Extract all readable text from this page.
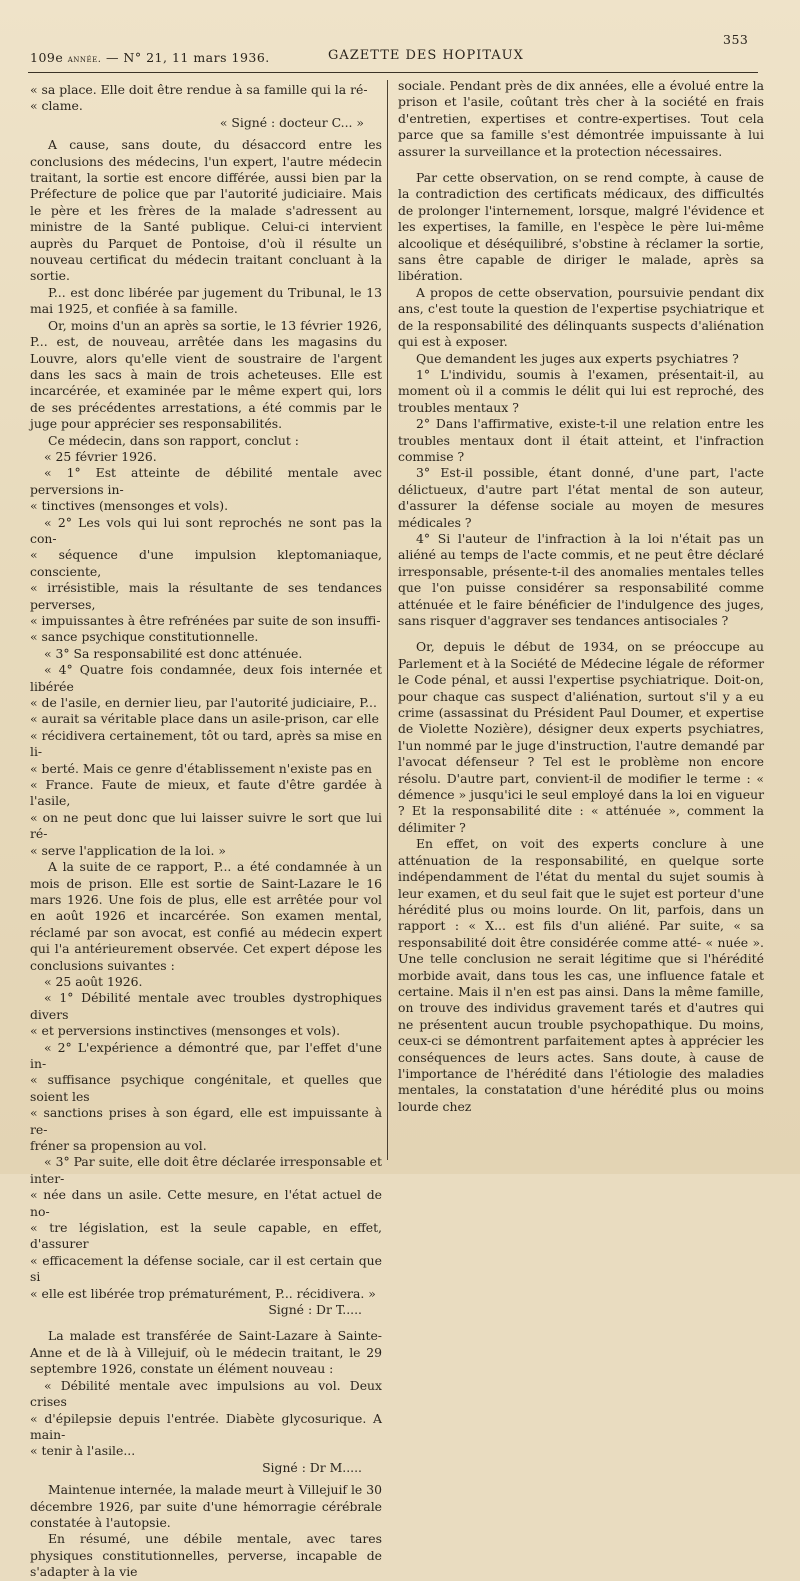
109e année. — N° 21, 11 mars 1936.	GAZETTE DES HOPITAUX
353

« sa place. Elle doit être rendue à sa famille qui la ré-

« clame.

« Signé : docteur C... »

A cause, sans doute, du désaccord entre les conclusions des médecins, l'un expert, l'autre médecin traitant, la sortie est encore différée, aussi bien par la Préfecture de police que par l'autorité judiciaire. Mais le père et les frères de la malade s'adressent au ministre de la Santé publique. Celui-ci intervient auprès du Parquet de Pontoise, d'où il résulte un nouveau certificat du médecin traitant concluant à la sortie.

P... est donc libérée par jugement du Tribunal, le 13 mai 1925, et confiée à sa famille.

Or, moins d'un an après sa sortie, le 13 février 1926, P... est, de nouveau, arrêtée dans les magasins du Louvre, alors qu'elle vient de soustraire de l'argent dans les sacs à main de trois acheteuses. Elle est incarcérée, et examinée par le même expert qui, lors de ses précédentes arrestations, a été commis par le juge pour apprécier ses responsabilités.

Ce médecin, dans son rapport, conclut :

« 25 février 1926.

« 1° Est atteinte de débilité mentale avec perversions in-

« tinctives (mensonges et vols).

« 2° Les vols qui lui sont reprochés ne sont pas la con-

« séquence d'une impulsion kleptomaniaque, consciente,

« irrésistible, mais la résultante de ses tendances perverses,

« impuissantes à être refrénées par suite de son insuffi-

« sance psychique constitutionnelle.

« 3° Sa responsabilité est donc atténuée.

« 4° Quatre fois condamnée, deux fois internée et libérée

« de l'asile, en dernier lieu, par l'autorité judiciaire, P...

« aurait sa véritable place dans un asile-prison, car elle

« récidivera certainement, tôt ou tard, après sa mise en li-

« berté. Mais ce genre d'établissement n'existe pas en

« France. Faute de mieux, et faute d'être gardée à l'asile,

« on ne peut donc que lui laisser suivre le sort que lui ré-

« serve l'application de la loi. »

A la suite de ce rapport, P... a été condamnée à un mois de prison. Elle est sortie de Saint-Lazare le 16 mars 1926. Une fois de plus, elle est arrêtée pour vol en août 1926 et incarcérée. Son examen mental, réclamé par son avocat, est confié au médecin expert qui l'a antérieurement observée. Cet expert dépose les conclusions suivantes :

« 25 août 1926.

« 1° Débilité mentale avec troubles dystrophiques divers

« et perversions instinctives (mensonges et vols).

« 2° L'expérience a démontré que, par l'effet d'une in-

« suffisance psychique congénitale, et quelles que soient les

« sanctions prises à son égard, elle est impuissante à re-

fréner sa propension au vol.

« 3° Par suite, elle doit être déclarée irresponsable et inter-

« née dans un asile. Cette mesure, en l'état actuel de no-

« tre législation, est la seule capable, en effet, d'assurer

« efficacement la défense sociale, car il est certain que si

« elle est libérée trop prématurément, P... récidivera. »

Signé : Dr T.....

La malade est transférée de Saint-Lazare à Sainte-Anne et de là à Villejuif, où le médecin traitant, le 29 septembre 1926, constate un élément nouveau :

« Débilité mentale avec impulsions au vol. Deux crises

« d'épilepsie depuis l'entrée. Diabète glycosurique. A main-

« tenir à l'asile...

Signé : Dr M.....

Maintenue internée, la malade meurt à Villejuif le 30 décembre 1926, par suite d'une hémorragie cérébrale constatée à l'autopsie.

En résumé, une débile mentale, avec tares physiques constitutionnelles, perverse, incapable de s'adapter à la vie

sociale. Pendant près de dix années, elle a évolué entre la prison et l'asile, coûtant très cher à la société en frais d'entretien, expertises et contre-expertises. Tout cela parce que sa famille s'est démontrée impuissante à lui assurer la surveillance et la protection nécessaires.

Par cette observation, on se rend compte, à cause de la contradiction des certificats médicaux, des difficultés de prolonger l'internement, lorsque, malgré l'évidence et les expertises, la famille, en l'espèce le père lui-même alcoolique et déséquilibré, s'obstine à réclamer la sortie, sans être capable de diriger le malade, après sa libération.

A propos de cette observation, poursuivie pendant dix ans, c'est toute la question de l'expertise psychiatrique et de la responsabilité des délinquants suspects d'aliénation qui est à exposer.

Que demandent les juges aux experts psychiatres ?

1° L'individu, soumis à l'examen, présentait-il, au moment où il a commis le délit qui lui est reproché, des troubles mentaux ?

2° Dans l'affirmative, existe-t-il une relation entre les troubles mentaux dont il était atteint, et l'infraction commise ?

3° Est-il possible, étant donné, d'une part, l'acte délictueux, d'autre part l'état mental de son auteur, d'assurer la défense sociale au moyen de mesures médicales ?

4° Si l'auteur de l'infraction à la loi n'était pas un aliéné au temps de l'acte commis, et ne peut être déclaré irresponsable, présente-t-il des anomalies mentales telles que l'on puisse considérer sa responsabilité comme atténuée et le faire bénéficier de l'indulgence des juges, sans risquer d'aggraver ses tendances antisociales ?

Or, depuis le début de 1934, on se préoccupe au Parlement et à la Société de Médecine légale de réformer le Code pénal, et aussi l'expertise psychiatrique. Doit-on, pour chaque cas suspect d'aliénation, surtout s'il y a eu crime (assassinat du Président Paul Doumer, et expertise de Violette Nozière), désigner deux experts psychiatres, l'un nommé par le juge d'instruction, l'autre demandé par l'avocat défenseur ? Tel est le problème non encore résolu. D'autre part, convient-il de modifier le terme : « démence » jusqu'ici le seul employé dans la loi en vigueur ? Et la responsabilité dite : « atténuée », comment la délimiter ?

En effet, on voit des experts conclure à une atténuation de la responsabilité, en quelque sorte indépendamment de l'état du mental du sujet soumis à leur examen, et du seul fait que le sujet est porteur d'une hérédité plus ou moins lourde. On lit, parfois, dans un rapport : « X... est fils d'un aliéné. Par suite, « sa responsabilité doit être considérée comme atté- « nuée ». Une telle conclusion ne serait légitime que si l'hérédité morbide avait, dans tous les cas, une influence fatale et certaine. Mais il n'en est pas ainsi. Dans la même famille, on trouve des individus gravement tarés et d'autres qui ne présentent aucun trouble psychopathique. Du moins, ceux-ci se démontrent parfaitement aptes à apprécier les conséquences de leurs actes. Sans doute, à cause de l'importance de l'hérédité dans l'étiologie des maladies mentales, la constatation d'une hérédité plus ou moins lourde chez
